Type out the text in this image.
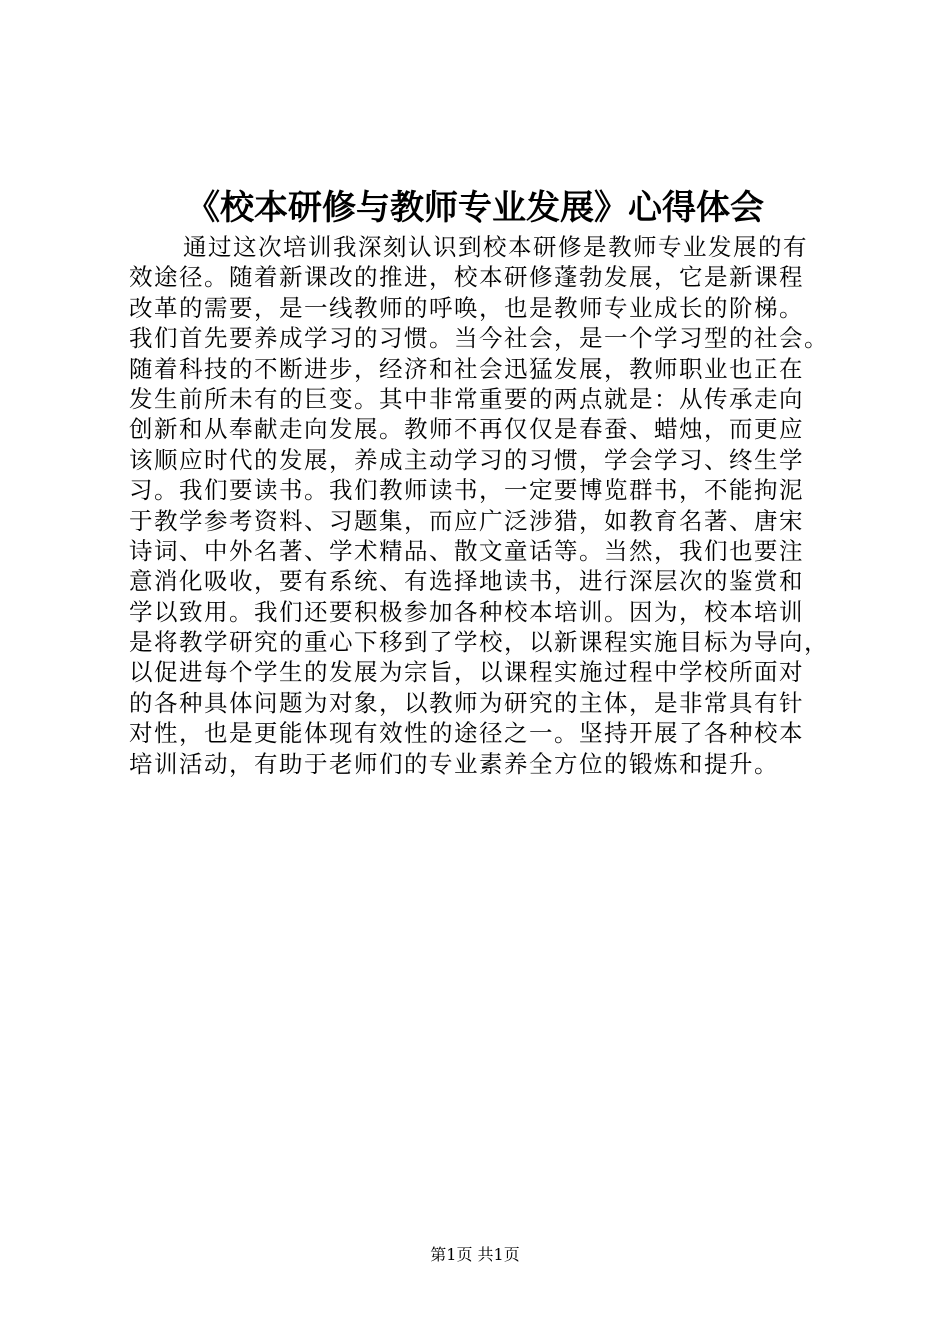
《校本研修与教师专业发展》心得体会
通过这次培训我深刻认识到校本研修是教师专业发展的有
效途径。随着新课改的推进，校本研修蓬勃发展，它是新课程
改革的需要，是一线教师的呼唤，也是教师专业成长的阶梯。
我们首先要养成学习的习惯。当今社会，是一个学习型的社会。
随着科技的不断进步，经济和社会迅猛发展，教师职业也正在
发生前所未有的巨变。其中非常重要的两点就是：从传承走向
创新和从奉献走向发展。教师不再仅仅是春蚕、蜡烛，而更应
该顺应时代的发展，养成主动学习的习惯，学会学习、终生学
习。我们要读书。我们教师读书，一定要博览群书，不能拘泥
于教学参考资料、习题集，而应广泛涉猎，如教育名著、唐宋
诗词、中外名著、学术精品、散文童话等。当然，我们也要注
意消化吸收，要有系统、有选择地读书，进行深层次的鉴赏和
学以致用。我们还要积极参加各种校本培训。因为，校本培训
是将教学研究的重心下移到了学校，以新课程实施目标为导向，
以促进每个学生的发展为宗旨，以课程实施过程中学校所面对
的各种具体问题为对象，以教师为研究的主体，是非常具有针
对性，也是更能体现有效性的途径之一。坚持开展了各种校本
培训活动，有助于老师们的专业素养全方位的锻炼和提升。
第1页 共1页
